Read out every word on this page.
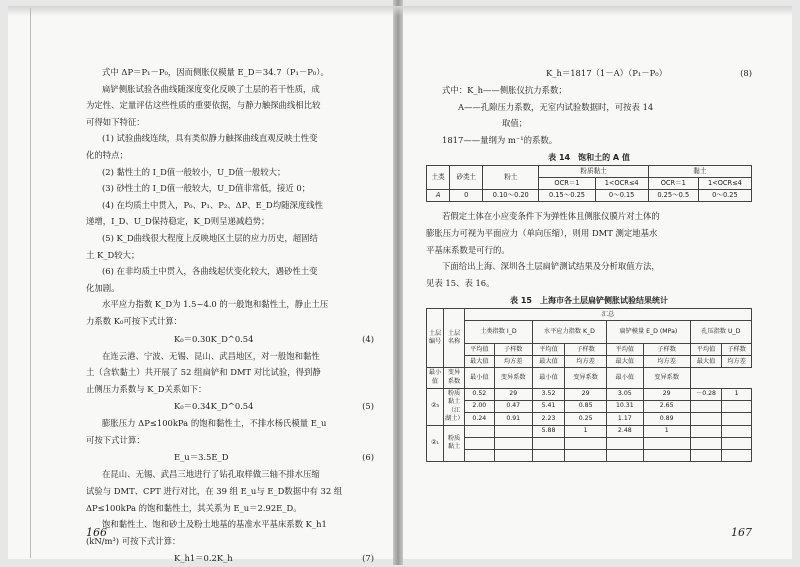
式中 ΔP＝P₁－P₀，因而侧胀仪模量 E_D＝34.7（P₁－P₀）。

扁铲侧胀试验各曲线随深度变化反映了土层的若干性质，成

为定性、定量评估这些性质的重要依据，与静力触探曲线相比较

可得如下特征：

(1) 试验曲线连续，具有类似静力触探曲线直观反映土性变

化的特点；

(2) 黏性土的 I_D值一般较小，U_D值一般较大；

(3) 砂性土的 I_D值一般较大，U_D值非常低，接近 0；

(4) 在均质土中贯入，P₀、P₁、P₂、ΔP、E_D均随深度线性

递增，I_D、U_D保持稳定，K_D则呈递减趋势；

(5) K_D曲线很大程度上反映地区土层的应力历史，超固结

土 K_D较大；

(6) 在非均质土中贯入，各曲线起伏变化较大，遇砂性土变

化加剧。

水平应力指数 K_D为 1.5~4.0 的一般饱和黏性土，静止土压

力系数 K₀可按下式计算：

K₀＝0.30K_D^0.54	(4)

在连云港、宁波、无锡、昆山、武昌地区，对一般饱和黏性

土（含软黏土）共开展了 52 组扁铲和 DMT 对比试验，得到静

止侧压力系数与 K_D关系如下：

K₀＝0.34K_D^0.54	(5)

膨胀压力 ΔP≤100kPa 的饱和黏性土，不排水杨氏模量 E_u

可按下式计算：

E_u＝3.5E_D	(6)

在昆山、无锡、武昌三地进行了钻孔取样做三轴不排水压缩

试验与 DMT、CPT 进行对比，在 39 组 E_u与 E_D数据中有 32 组

ΔP≤100kPa 的饱和黏性土，其关系为 E_u＝2.92E_D。

饱和黏性土、饱和砂土及粉土地基的基准水平基床系数 K_h1

(kN/m³) 可按下式计算：

K_h1＝0.2K_h	(7)
166
K_h＝1817（1－A）（P₁－P₀）	(8)

式中：K_h——侧胀仪抗力系数；

A——孔隙压力系数，无室内试验数据时，可按表 14

取值；

1817——量纲为 m⁻¹的系数。

表 14　饱和土的 A 值
土类	砂类土	粉土	粉质黏土		黏土	
			OCR＝1	1<OCR≤4	OCR＝1	1<OCR≤4
A	0	0.10～0.20	0.15～0.25	0～0.15	0.25～0.5	0～0.25

若假定土体在小应变条件下为弹性体且侧胀仪膜片对土体的

膨胀压力可视为平面应力（单向压缩），则用 DMT 测定地基水

平基床系数是可行的。

下面给出上海、深圳各土层扁铲测试结果及分析取值方法，

见表 15、表 16。

表 15　上海市各土层扁铲侧胀试验结果统计
土层编号	土层名称	汇总							
		土类指数 I_D		水平应力指数 K_D		扁铲模量 E_D (MPa)		孔压指数 U_D	
		平均值	子样数	平均值	子样数	平均值	子样数	平均值	子样数
		最大值	均方差	最大值	均方差	最大值	均方差	最大值	均方差
最小值	变异系数	最小值	变异系数	最小值	变异系数	最小值	变异系数		
②₃	粉质黏土（江湖土）	0.52	29	3.52	29	3.05	29	－0.28	1
		2.00	0.47	5.41	0.85	10.31	2.65		
		0.24	0.91	2.23	0.25	1.17	0.89		
②₁	粉质黏土			5.88	1	2.48	1		

167
